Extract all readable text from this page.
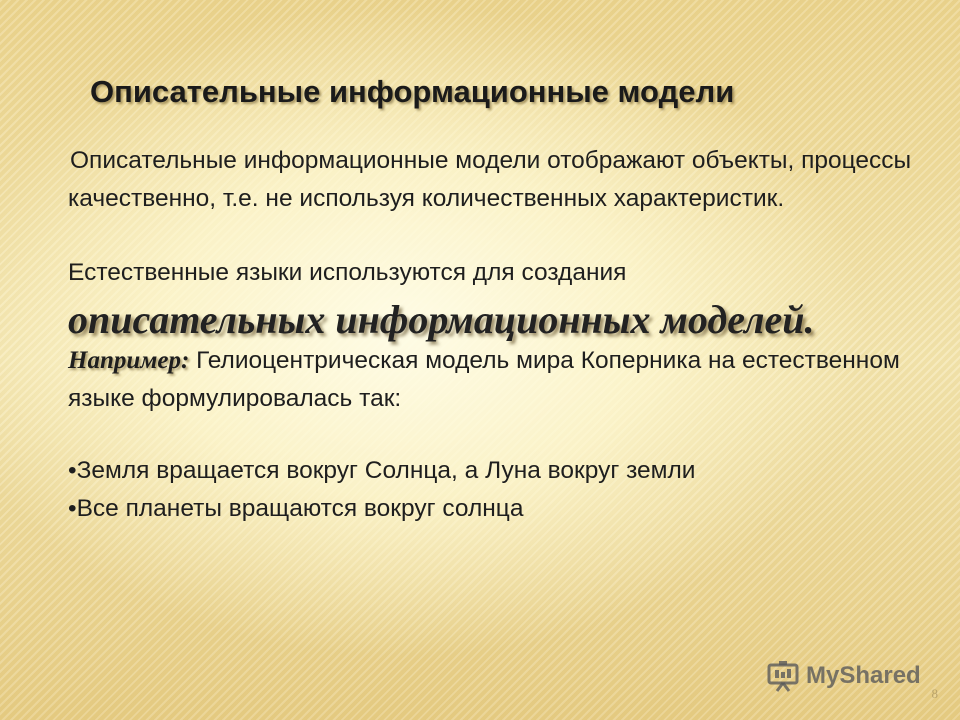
Описательные информационные модели
Описательные информационные модели отображают объекты, процессы качественно, т.е. не используя количественных характеристик.
Естественные языки используются для создания
описательных информационных моделей.
Например: Гелиоцентрическая модель мира Коперника на естественном языке формулировалась так:
•Земля вращается вокруг Солнца, а Луна вокруг земли
•Все планеты вращаются вокруг солнца
MyShared
8
